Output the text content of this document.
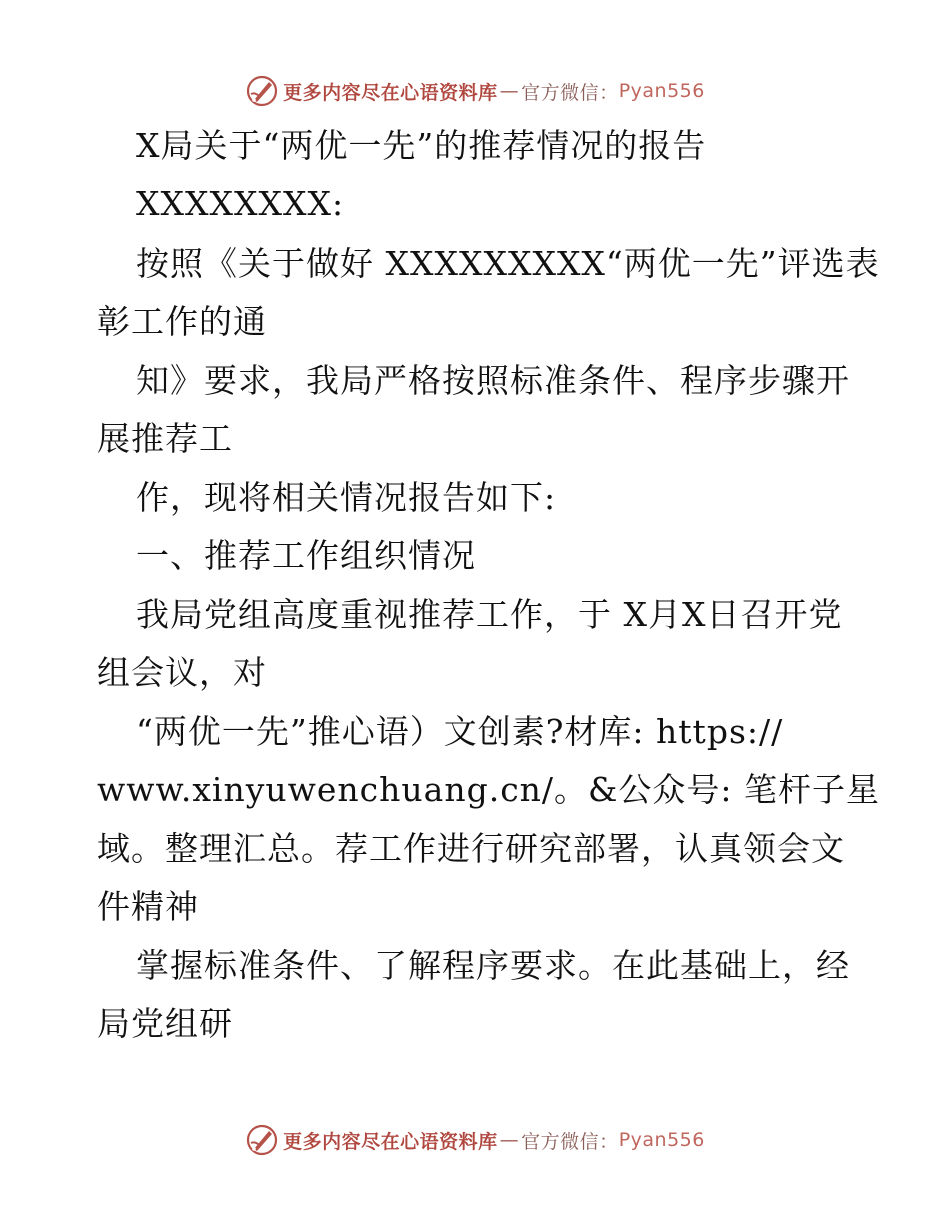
更多内容尽在心语资料库 — 官方微信： Pyan556
X局关于“两优一先”的推荐情况的报告
XXXXXXXX:
按照《关于做好 XXXXXXXXX“两优一先”评选表
彰工作的通
知》要求，我局严格按照标准条件、程序步骤开
展推荐工
作，现将相关情况报告如下:
一、推荐工作组织情况
我局党组高度重视推荐工作，于 X月X日召开党
组会议，对
“两优一先”推心语）文创素?材库: https://
www.xinyuwenchuang.cn/。&公众号: 笔杆子星
域。整理汇总。荐工作进行研究部署，认真领会文
件精神
掌握标准条件、了解程序要求。在此基础上，经
局党组研
更多内容尽在心语资料库 — 官方微信： Pyan556
